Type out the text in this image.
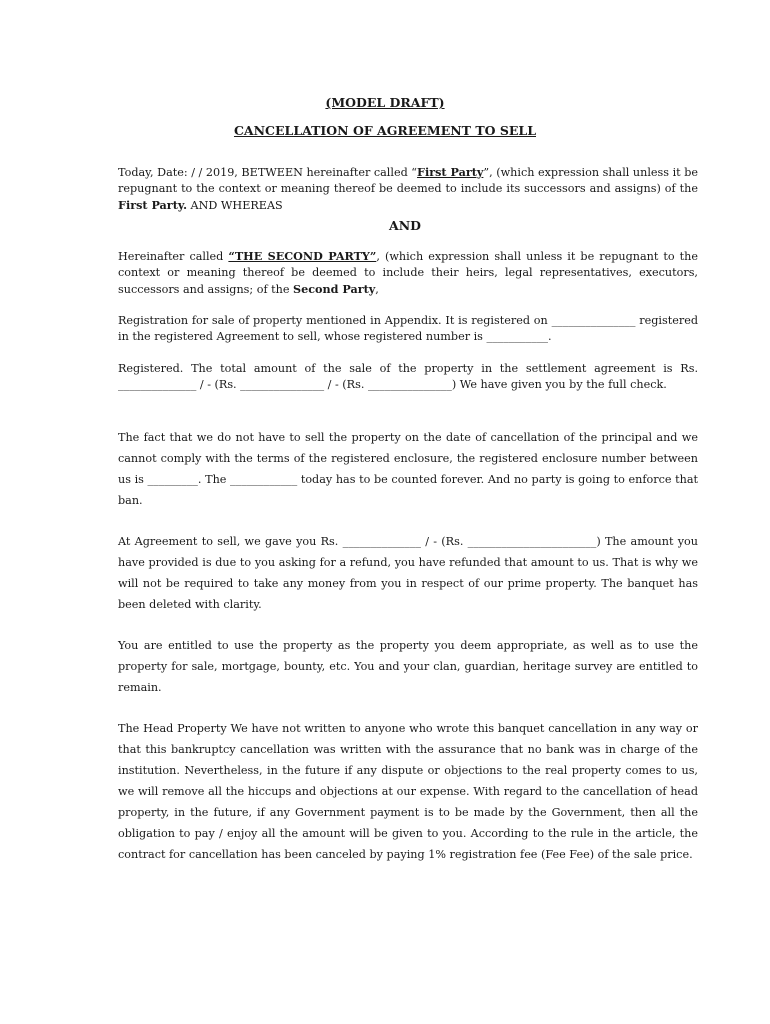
(MODEL DRAFT)

CANCELLATION OF AGREEMENT TO SELL

Today, Date: / / 2019, BETWEEN hereinafter called “First Party”, (which expression shall unless it be repugnant to the context or meaning thereof be deemed to include its successors and assigns) of the First Party. AND WHEREAS

AND

Hereinafter called “THE SECOND PARTY”, (which expression shall unless it be repugnant to the context or meaning thereof be deemed to include their heirs, legal representatives, executors, successors and assigns; of the Second Party,

Registration for sale of property mentioned in Appendix. It is registered on _______________ registered in the registered Agreement to sell, whose registered number is ___________.

Registered. The total amount of the sale of the property in the settlement agreement is Rs. ______________ / - (Rs. _______________ / - (Rs. _______________) We have given you by the full check.

The fact that we do not have to sell the property on the date of cancellation of the principal and we cannot comply with the terms of the registered enclosure, the registered enclosure number between us is _________. The ____________ today has to be counted forever. And no party is going to enforce that ban.

At Agreement to sell, we gave you Rs. ______________ / - (Rs. _______________________) The amount you have provided is due to you asking for a refund, you have refunded that amount to us. That is why we will not be required to take any money from you in respect of our prime property. The banquet has been deleted with clarity.

You are entitled to use the property as the property you deem appropriate, as well as to use the property for sale, mortgage, bounty, etc. You and your clan, guardian, heritage survey are entitled to remain.

The Head Property We have not written to anyone who wrote this banquet cancellation in any way or that this bankruptcy cancellation was written with the assurance that no bank was in charge of the institution. Nevertheless, in the future if any dispute or objections to the real property comes to us, we will remove all the hiccups and objections at our expense. With regard to the cancellation of head property, in the future, if any Government payment is to be made by the Government, then all the obligation to pay / enjoy all the amount will be given to you. According to the rule in the article, the contract for cancellation has been canceled by paying 1% registration fee (Fee Fee) of the sale price.
